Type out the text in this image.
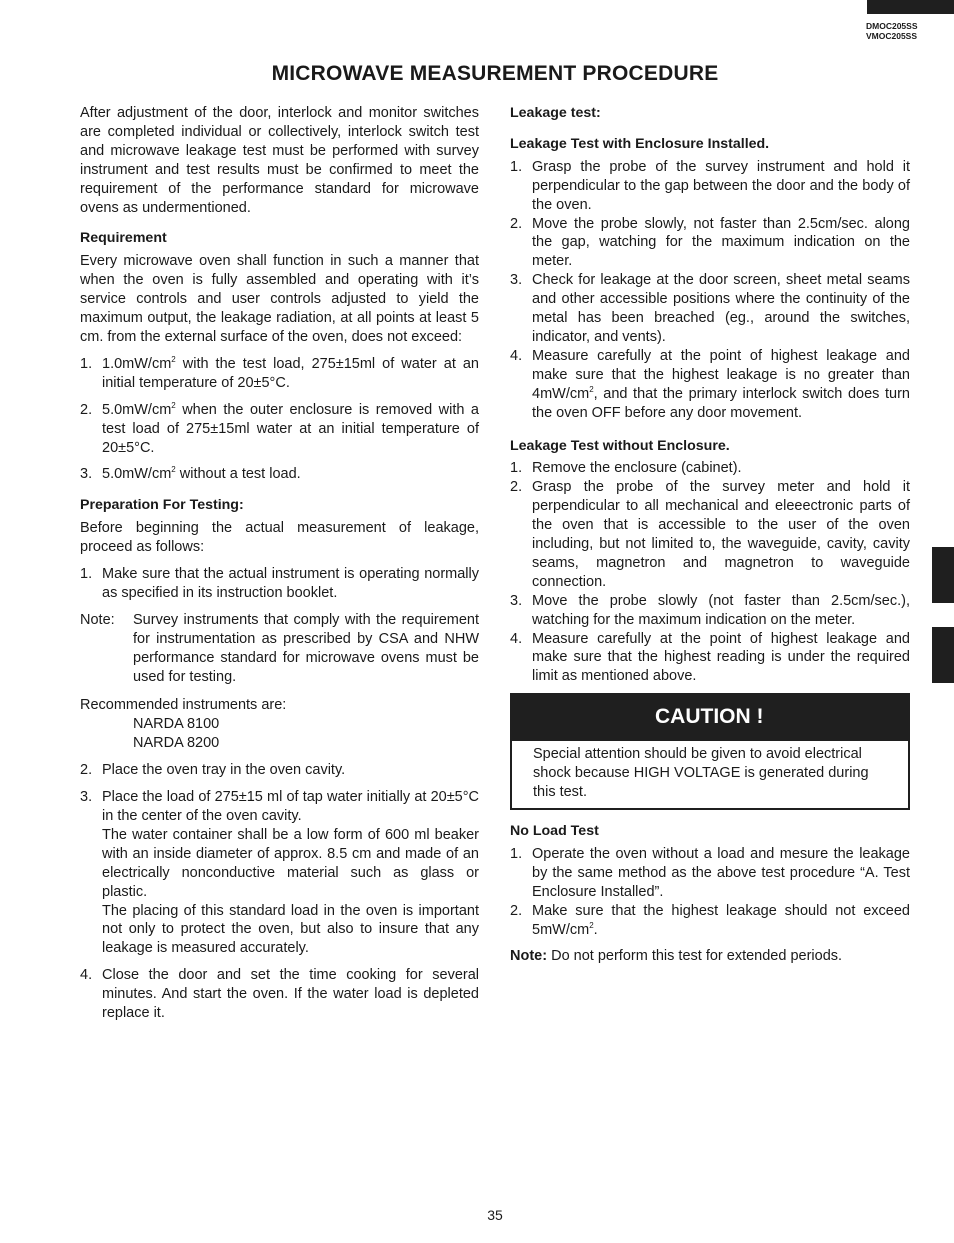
DMOC205SS
VMOC205SS
MICROWAVE MEASUREMENT PROCEDURE

After adjustment of the door, interlock and monitor switches are completed individual or collectively, interlock switch test and microwave leakage test must be performed with survey instrument and test results must be confirmed to meet the requirement of the performance standard for microwave ovens as undermentioned.

Requirement

Every microwave oven shall function in such a manner that when the oven is fully assembled and operating with it’s service controls and user controls adjusted to yield the maximum output, the leakage radiation, at all points at least 5 cm. from the external surface of the oven, does not exceed:

1. $1.0mW/cm^2$ with the test load, 275±15ml of water at an initial temperature of 20±5°C.
2. $5.0mW/cm^2$ when the outer enclosure is removed with a test load of 275±15ml water at an initial temperature of 20±5°C.
3. $5.0mW/cm^2$ without a test load.

Preparation For Testing:

Before beginning the actual measurement of leakage, proceed as follows:

1. Make sure that the actual instrument is operating normally as specified in its instruction booklet.
Note:	Survey instruments that comply with the requirement for instrumentation as prescribed by CSA and NHW performance standard for microwave ovens must be used for testing.

Recommended instruments are:

NARDA 8100

NARDA 8200

2. Place the oven tray in the oven cavity.
3. Place the load of 275±15 ml of tap water initially at 20±5°C in the center of the oven cavity.
The water container shall be a low form of 600 ml beaker with an inside diameter of approx. 8.5 cm and made of an electrically nonconductive material such as glass or plastic.
The placing of this standard load in the oven is important not only to protect the oven, but also to insure that any leakage is measured accurately.
4. Close the door and set the time cooking for several minutes. And start the oven. If the water load is depleted replace it.

Leakage test:

Leakage Test with Enclosure Installed.

1. Grasp the probe of the survey instrument and hold it perpendicular to the gap between the door and the body of the oven.
2. Move the probe slowly, not faster than 2.5cm/sec. along the gap, watching for the maximum indication on the meter.
3. Check for leakage at the door screen, sheet metal seams and other accessible positions where the continuity of the metal has been breached (eg., around the switches, indicator, and vents).
4. Measure carefully at the point of highest leakage and make sure that the highest leakage is no greater than $4mW/cm^2$, and that the primary interlock switch does turn the oven OFF before any door movement.

Leakage Test without Enclosure.

1. Remove the enclosure (cabinet).
2. Grasp the probe of the survey meter and hold it perpendicular to all mechanical and eleeectronic parts of the oven that is accessible to the user of the oven including, but not limited to, the waveguide, cavity, cavity seams, magnetron and magnetron to waveguide connection.
3. Move the probe slowly (not faster than 2.5cm/sec.), watching for the maximum indication on the meter.
4. Measure carefully at the point of highest leakage and make sure that the highest reading is under the required limit as mentioned above.
CAUTION !
Special attention should be given to avoid electrical shock because HIGH VOLTAGE is generated during this test.

No Load Test

1. Operate the oven without a load and mesure the leakage by the same method as the above test procedure “A. Test Enclosure Installed”.
2. Make sure that the highest leakage should not exceed $5mW/cm^2$.

Note: Do not perform this test for extended periods.

35
